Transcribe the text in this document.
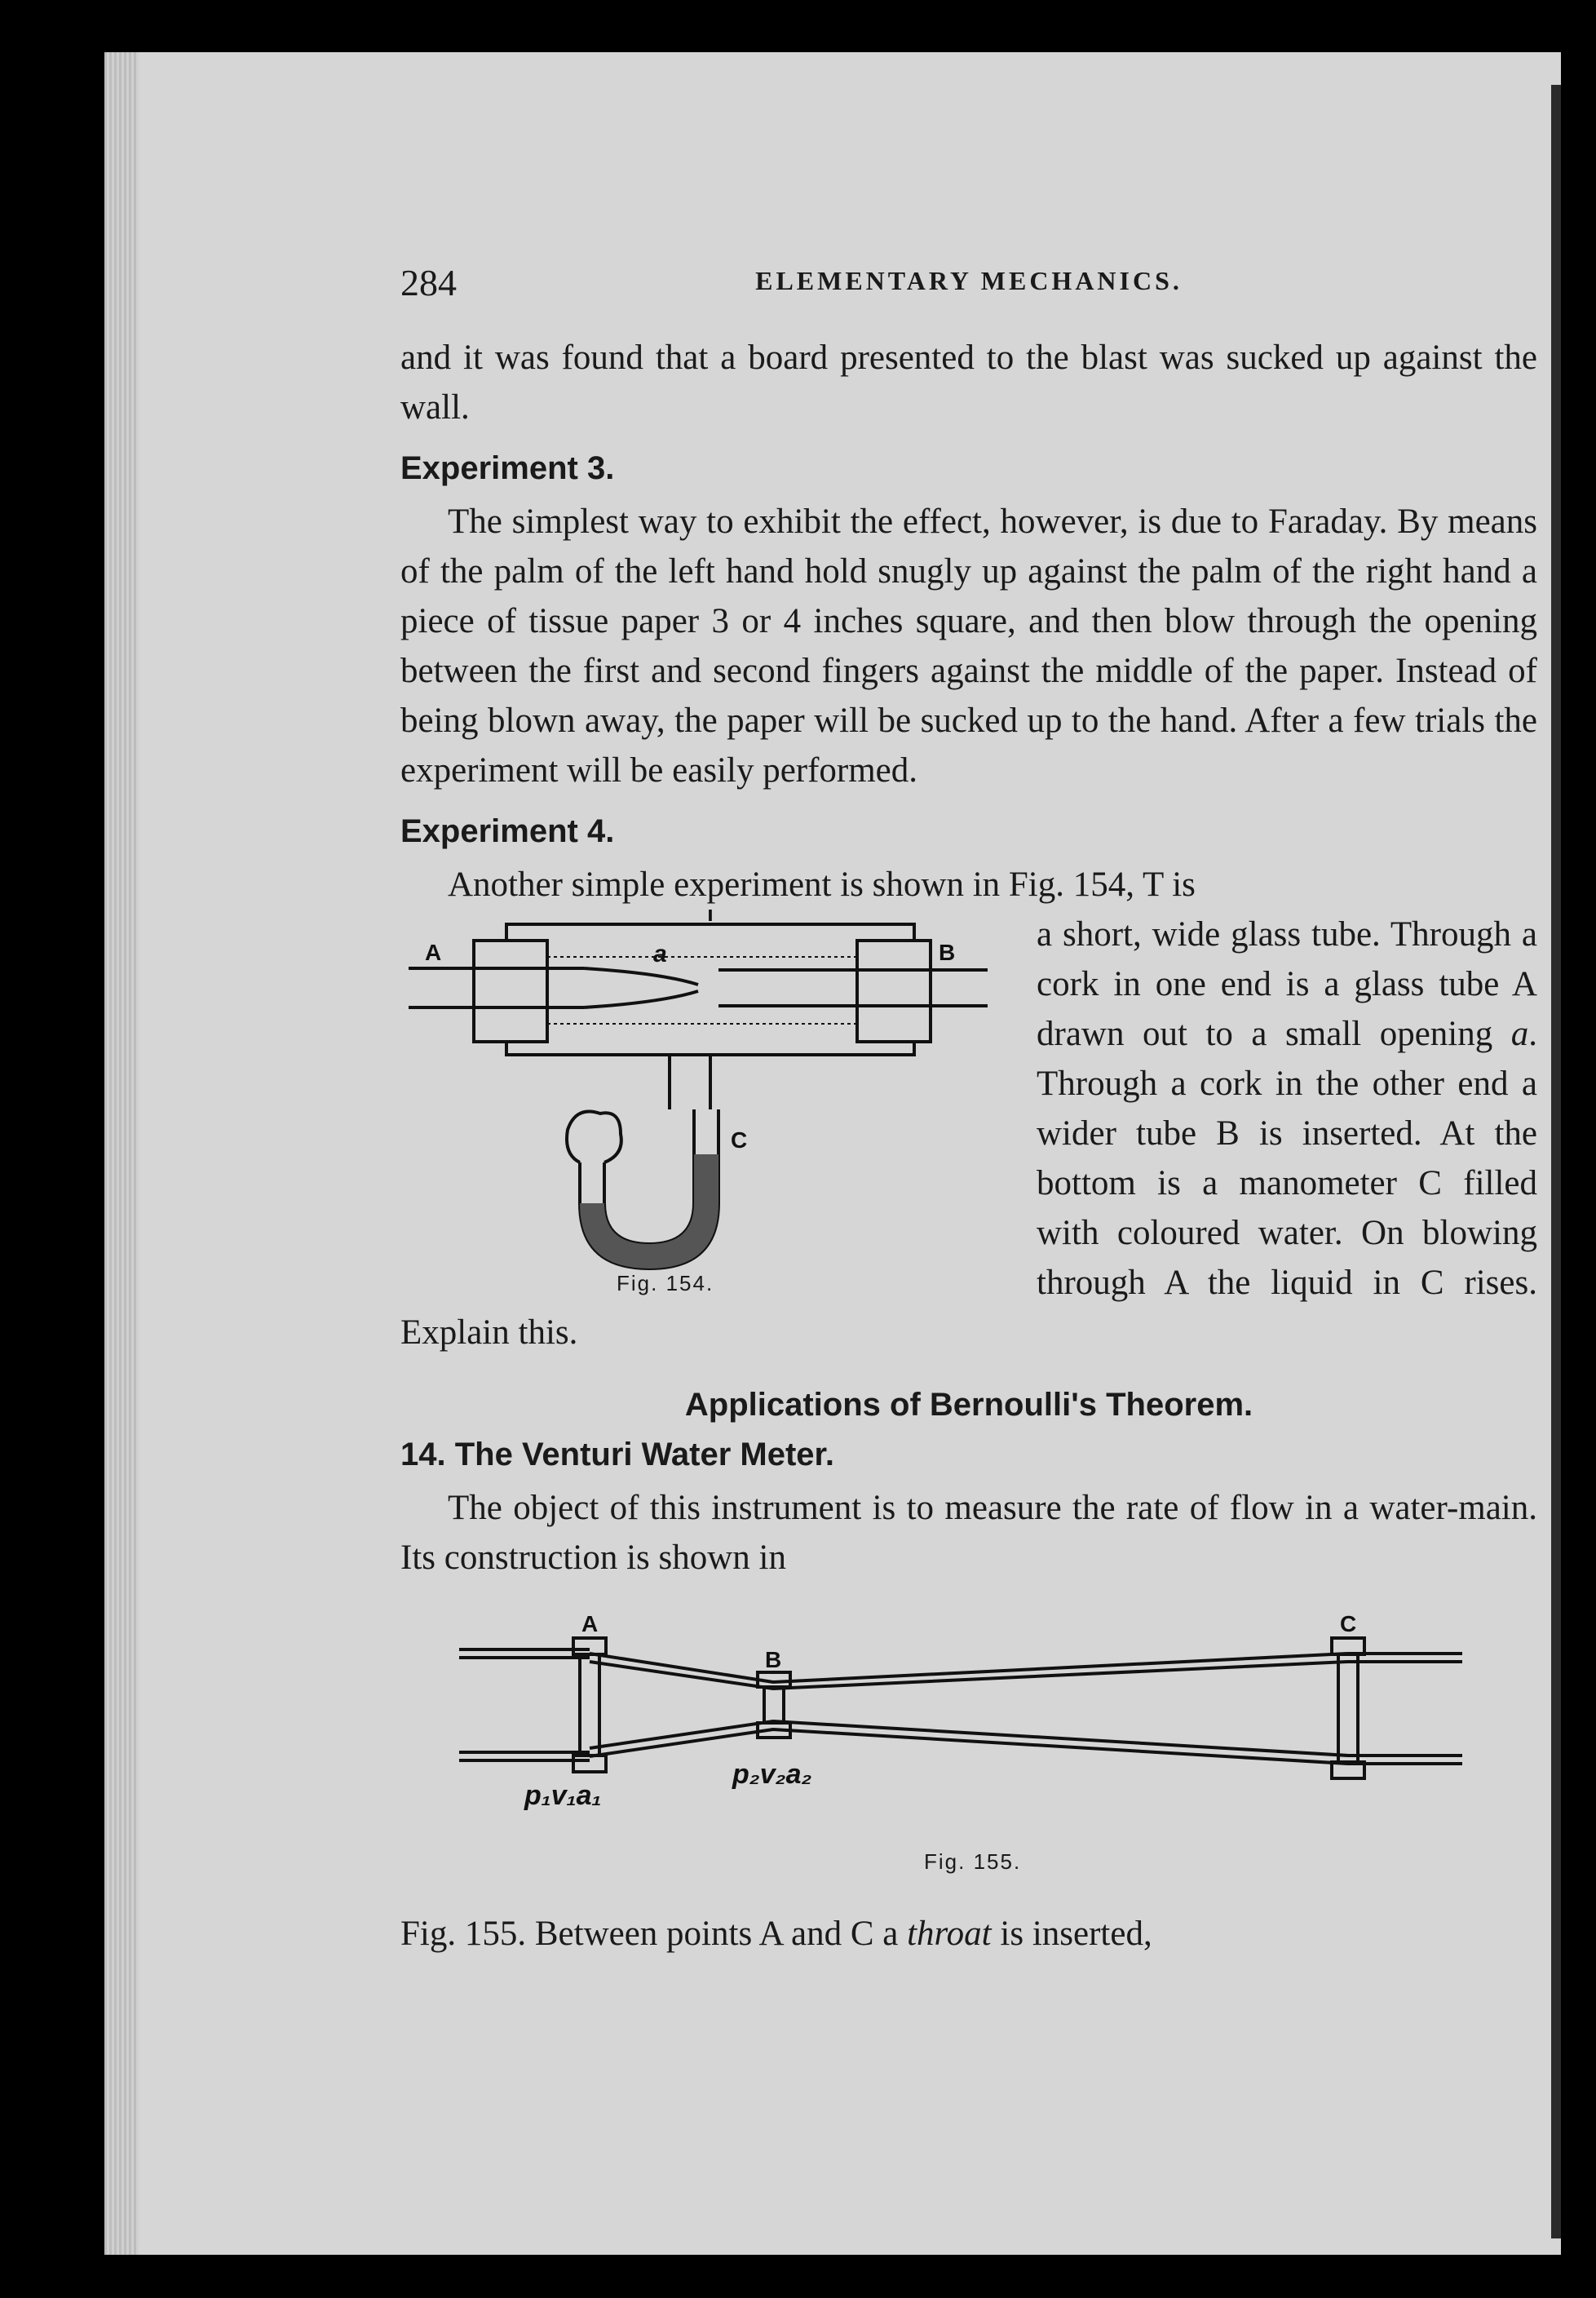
284	ELEMENTARY MECHANICS.

and it was found that a board presented to the blast was sucked up against the wall.

Experiment 3.

The simplest way to exhibit the effect, however, is due to Faraday. By means of the palm of the left hand hold snugly up against the palm of the right hand a piece of tissue paper 3 or 4 inches square, and then blow through the opening between the first and second fingers against the middle of the paper. Instead of being blown away, the paper will be sucked up to the hand. After a few trials the experiment will be easily performed.

Experiment 4.

Another simple experiment is shown in Fig. 154, T is

T
A	B
a
C
Fig. 154.

a short, wide glass tube. Through a cork in one end is a glass tube A drawn out to a small opening a. Through a cork in the other end a wider tube B is inserted. At the bottom is a manometer C filled with coloured water. On blowing through A the liquid in C rises. Explain this.

Applications of Bernoulli's Theorem.
14. The Venturi Water Meter.

The object of this instrument is to measure the rate of flow in a water-main. Its construction is shown in

A
B
C
p₁v₁a₁
p₂v₂a₂
Fig. 155.

Fig. 155. Between points A and C a throat is inserted,
